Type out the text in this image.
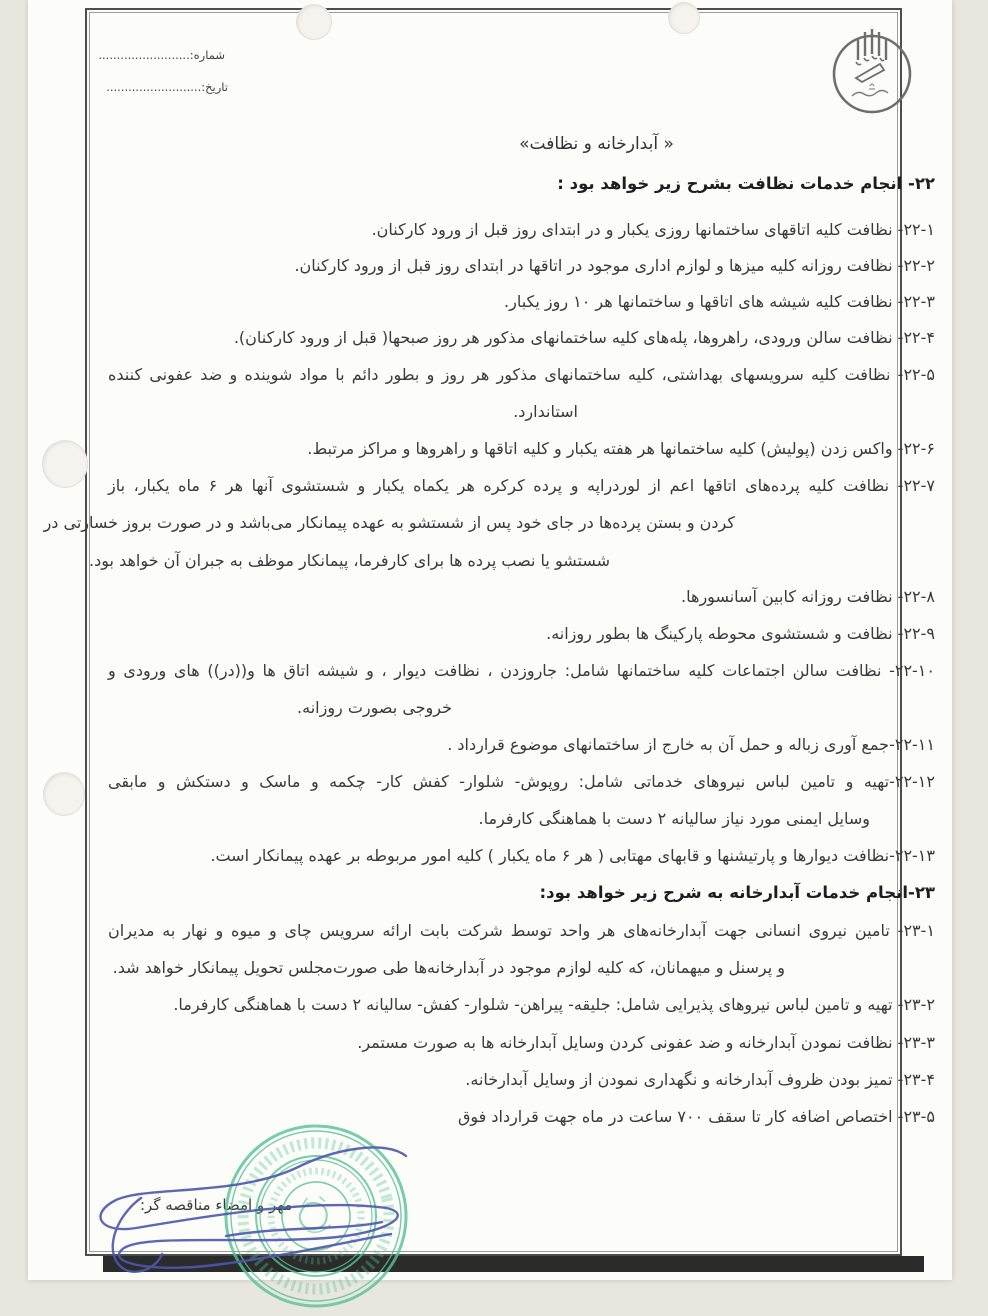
شماره:.........................
تاریخ:..........................

« آبدارخانه و نظافت»

۲۲- انجام خدمات نظافت بشرح زیر خواهد بود :

۲۲-۱- نظافت کلیه اتاقهای ساختمانها روزی یکبار و در ابتدای روز قبل از ورود کارکنان.

۲۲-۲- نظافت روزانه کلیه میزها و لوازم اداری موجود در اتاقها در ابتدای روز قبل از ورود کارکنان.

۲۲-۳- نظافت کلیه شیشه های اتاقها و ساختمانها هر ۱۰ روز یکبار.

۲۲-۴- نظافت سالن ورودی، راهروها، پله‌های کلیه ساختمانهای مذکور هر روز صبحها( قبل از ورود کارکنان).

۲۲-۵- نظافت کلیه سرویسهای بهداشتی، کلیه ساختمانهای مذکور هر روز و بطور دائم با مواد شوینده و ضد عفونی کننده

استاندارد.

۲۲-۶- واکس زدن (پولیش) کلیه ساختمانها هر هفته یکبار و کلیه اتاقها و راهروها و مراکز مرتبط.

۲۲-۷- نظافت کلیه پرده‌های اتاقها اعم از لوردراپه و پرده کرکره هر یکماه یکبار و شستشوی آنها هر ۶ ماه یکبار، باز

کردن و بستن پرده‌ها در جای خود پس از شستشو به عهده پیمانکار می‌باشد و در صورت بروز خسارتی در

شستشو یا نصب پرده ها برای کارفرما، پیمانکار موظف به جبران آن خواهد بود.

۲۲-۸- نظافت روزانه کابین آسانسورها.

۲۲-۹- نظافت و شستشوی محوطه پارکینگ ها بطور روزانه.

۲۲-۱۰- نظافت سالن اجتماعات کلیه ساختمانها شامل: جاروزدن ، نظافت دیوار ، و شیشه اتاق ها و((در)) های ورودی و

خروجی بصورت روزانه.

۲۲-۱۱-جمع آوری زباله و حمل آن به خارج از ساختمانهای موضوع قرارداد .

۲۲-۱۲-تهیه و تامین لباس نیروهای خدماتی شامل: روپوش- شلوار- کفش کار- چکمه و ماسک و دستکش و مابقی

وسایل ایمنی مورد نیاز سالیانه ۲ دست با هماهنگی کارفرما.

۲۲-۱۳-نظافت دیوارها و پارتیشنها و قابهای مهتابی ( هر ۶ ماه یکبار ) کلیه امور مربوطه بر عهده پیمانکار است.

۲۳-انجام خدمات آبدارخانه به شرح زیر خواهد بود:

۲۳-۱- تامین نیروی انسانی جهت آبدارخانه‌های هر واحد توسط شرکت بابت ارائه سرویس چای و میوه و نهار به مدیران

و پرسنل و میهمانان، که کلیه لوازم موجود در آبدارخانه‌ها طی صورت‌مجلس تحویل پیمانکار خواهد شد.

۲۳-۲- تهیه و تامین لباس نیروهای پذیرایی شامل: جلیقه- پیراهن- شلوار- کفش- سالیانه ۲ دست با هماهنگی کارفرما.

۲۳-۳- نظافت نمودن آبدارخانه و ضد عفونی کردن وسایل آبدارخانه ها به صورت مستمر.

۲۳-۴- تمیز بودن ظروف آبدارخانه و نگهداری نمودن از وسایل آبدارخانه.

۲۳-۵- اختصاص اضافه کار تا سقف ۷۰۰ ساعت در ماه جهت قرارداد فوق

مهر و امضاء مناقصه گر:
